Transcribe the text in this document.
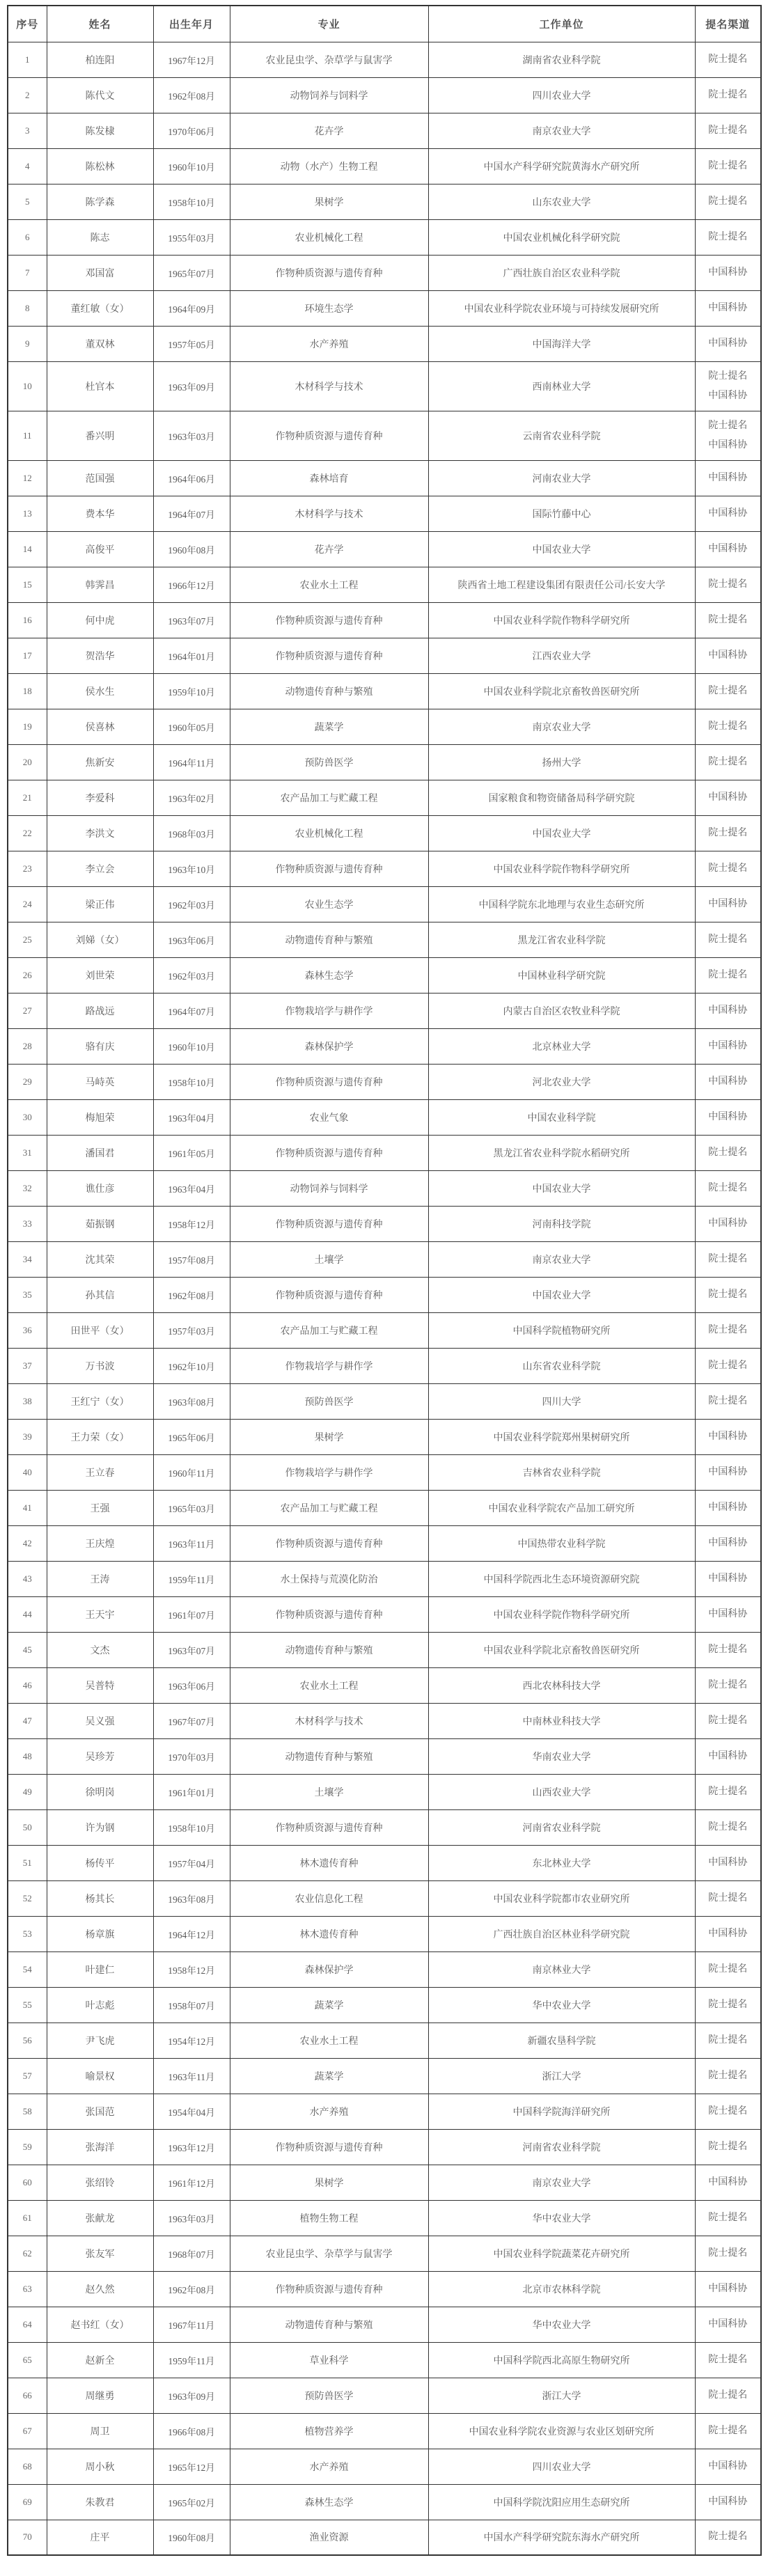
序号	姓名	出生年月	专业	工作单位	提名渠道
1	柏连阳	1967年12月	农业昆虫学、杂草学与鼠害学	湖南省农业科学院	院士提名

2	陈代文	1962年08月	动物饲养与饲料学	四川农业大学	院士提名

3	陈发棣	1970年06月	花卉学	南京农业大学	院士提名

4	陈松林	1960年10月	动物（水产）生物工程	中国水产科学研究院黄海水产研究所	院士提名

5	陈学森	1958年10月	果树学	山东农业大学	院士提名

6	陈志	1955年03月	农业机械化工程	中国农业机械化科学研究院	院士提名

7	邓国富	1965年07月	作物种质资源与遗传育种	广西壮族自治区农业科学院	中国科协

8	董红敏（女）	1964年09月	环境生态学	中国农业科学院农业环境与可持续发展研究所	中国科协

9	董双林	1957年05月	水产养殖	中国海洋大学	中国科协

10	杜官本	1963年09月	木材科学与技术	西南林业大学	院士提名
中国科协

11	番兴明	1963年03月	作物种质资源与遗传育种	云南省农业科学院	院士提名
中国科协

12	范国强	1964年06月	森林培育	河南农业大学	中国科协

13	费本华	1964年07月	木材科学与技术	国际竹藤中心	中国科协

14	高俊平	1960年08月	花卉学	中国农业大学	中国科协

15	韩霁昌	1966年12月	农业水土工程	陕西省土地工程建设集团有限责任公司/长安大学	院士提名

16	何中虎	1963年07月	作物种质资源与遗传育种	中国农业科学院作物科学研究所	院士提名

17	贺浩华	1964年01月	作物种质资源与遗传育种	江西农业大学	中国科协

18	侯水生	1959年10月	动物遗传育种与繁殖	中国农业科学院北京畜牧兽医研究所	院士提名

19	侯喜林	1960年05月	蔬菜学	南京农业大学	院士提名

20	焦新安	1964年11月	预防兽医学	扬州大学	院士提名

21	李爱科	1963年02月	农产品加工与贮藏工程	国家粮食和物资储备局科学研究院	中国科协

22	李洪文	1968年03月	农业机械化工程	中国农业大学	院士提名

23	李立会	1963年10月	作物种质资源与遗传育种	中国农业科学院作物科学研究所	院士提名

24	梁正伟	1962年03月	农业生态学	中国科学院东北地理与农业生态研究所	中国科协

25	刘娣（女）	1963年06月	动物遗传育种与繁殖	黑龙江省农业科学院	院士提名

26	刘世荣	1962年03月	森林生态学	中国林业科学研究院	院士提名

27	路战远	1964年07月	作物栽培学与耕作学	内蒙古自治区农牧业科学院	中国科协

28	骆有庆	1960年10月	森林保护学	北京林业大学	中国科协

29	马峙英	1958年10月	作物种质资源与遗传育种	河北农业大学	中国科协

30	梅旭荣	1963年04月	农业气象	中国农业科学院	中国科协

31	潘国君	1961年05月	作物种质资源与遗传育种	黑龙江省农业科学院水稻研究所	院士提名

32	谯仕彦	1963年04月	动物饲养与饲料学	中国农业大学	院士提名

33	茹振钢	1958年12月	作物种质资源与遗传育种	河南科技学院	中国科协

34	沈其荣	1957年08月	土壤学	南京农业大学	院士提名

35	孙其信	1962年08月	作物种质资源与遗传育种	中国农业大学	院士提名

36	田世平（女）	1957年03月	农产品加工与贮藏工程	中国科学院植物研究所	院士提名

37	万书波	1962年10月	作物栽培学与耕作学	山东省农业科学院	院士提名

38	王红宁（女）	1963年08月	预防兽医学	四川大学	院士提名

39	王力荣（女）	1965年06月	果树学	中国农业科学院郑州果树研究所	中国科协

40	王立春	1960年11月	作物栽培学与耕作学	吉林省农业科学院	中国科协

41	王强	1965年03月	农产品加工与贮藏工程	中国农业科学院农产品加工研究所	中国科协

42	王庆煌	1963年11月	作物种质资源与遗传育种	中国热带农业科学院	中国科协

43	王涛	1959年11月	水土保持与荒漠化防治	中国科学院西北生态环境资源研究院	中国科协

44	王天宇	1961年07月	作物种质资源与遗传育种	中国农业科学院作物科学研究所	中国科协

45	文杰	1963年07月	动物遗传育种与繁殖	中国农业科学院北京畜牧兽医研究所	院士提名

46	吴普特	1963年06月	农业水土工程	西北农林科技大学	院士提名

47	吴义强	1967年07月	木材科学与技术	中南林业科技大学	院士提名

48	吴珍芳	1970年03月	动物遗传育种与繁殖	华南农业大学	中国科协

49	徐明岗	1961年01月	土壤学	山西农业大学	院士提名

50	许为钢	1958年10月	作物种质资源与遗传育种	河南省农业科学院	院士提名

51	杨传平	1957年04月	林木遗传育种	东北林业大学	中国科协

52	杨其长	1963年08月	农业信息化工程	中国农业科学院都市农业研究所	院士提名

53	杨章旗	1964年12月	林木遗传育种	广西壮族自治区林业科学研究院	中国科协

54	叶建仁	1958年12月	森林保护学	南京林业大学	院士提名

55	叶志彪	1958年07月	蔬菜学	华中农业大学	院士提名

56	尹飞虎	1954年12月	农业水土工程	新疆农垦科学院	院士提名

57	喻景权	1963年11月	蔬菜学	浙江大学	院士提名

58	张国范	1954年04月	水产养殖	中国科学院海洋研究所	院士提名

59	张海洋	1963年12月	作物种质资源与遗传育种	河南省农业科学院	院士提名

60	张绍铃	1961年12月	果树学	南京农业大学	中国科协

61	张献龙	1963年03月	植物生物工程	华中农业大学	院士提名

62	张友军	1968年07月	农业昆虫学、杂草学与鼠害学	中国农业科学院蔬菜花卉研究所	院士提名

63	赵久然	1962年08月	作物种质资源与遗传育种	北京市农林科学院	中国科协

64	赵书红（女）	1967年11月	动物遗传育种与繁殖	华中农业大学	中国科协

65	赵新全	1959年11月	草业科学	中国科学院西北高原生物研究所	院士提名

66	周继勇	1963年09月	预防兽医学	浙江大学	院士提名

67	周卫	1966年08月	植物营养学	中国农业科学院农业资源与农业区划研究所	院士提名

68	周小秋	1965年12月	水产养殖	四川农业大学	中国科协

69	朱教君	1965年02月	森林生态学	中国科学院沈阳应用生态研究所	中国科协

70	庄平	1960年08月	渔业资源	中国水产科学研究院东海水产研究所	院士提名
